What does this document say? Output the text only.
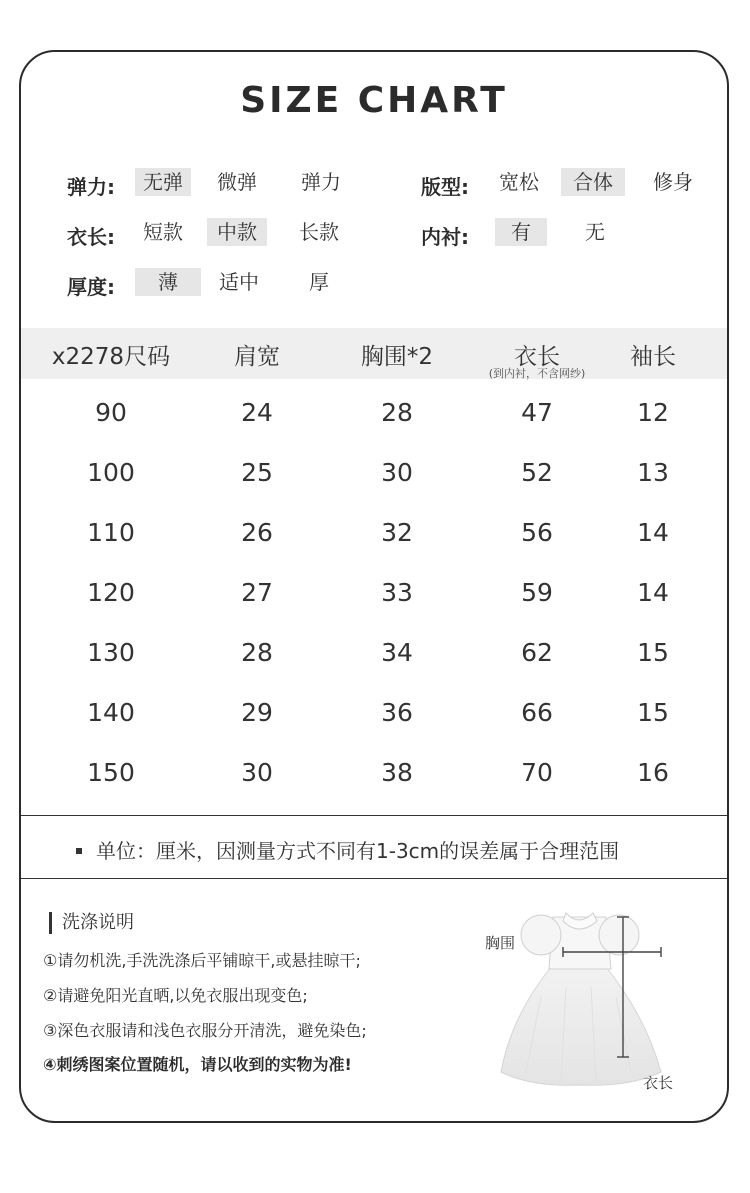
SIZE CHART
弹力:	无弹	微弹	弹力	版型:	宽松	合体	修身
衣长:	短款	中款	长款	内衬:	有	无
厚度:	薄	适中	厚
x2278尺码	肩宽	胸围*2	衣长	袖长
(到内衬，不含网纱)
90	24	28	47	12
100	25	30	52	13
110	26	32	56	14
120	27	33	59	14
130	28	34	62	15
140	29	36	66	15
150	30	38	70	16
单位：厘米，因测量方式不同有1-3cm的误差属于合理范围
洗涤说明
①请勿机洗,手洗洗涤后平铺晾干,或悬挂晾干;
②请避免阳光直晒,以免衣服出现变色;
③深色衣服请和浅色衣服分开清洗，避免染色;
④刺绣图案位置随机，请以收到的实物为准!
胸围
衣长
